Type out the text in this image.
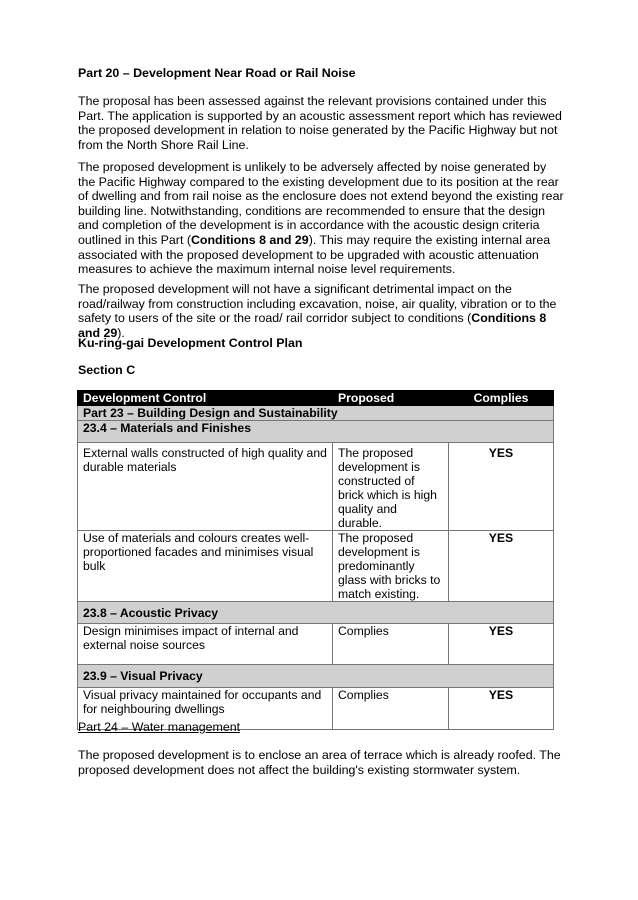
Part 20 – Development Near Road or Rail Noise

The proposal has been assessed against the relevant provisions contained under this Part. The application is supported by an acoustic assessment report which has reviewed the proposed development in relation to noise generated by the Pacific Highway but not from the North Shore Rail Line.

The proposed development is unlikely to be adversely affected by noise generated by the Pacific Highway compared to the existing development due to its position at the rear of dwelling and from rail noise as the enclosure does not extend beyond the existing rear building line. Notwithstanding, conditions are recommended to ensure that the design and completion of the development is in accordance with the acoustic design criteria outlined in this Part (Conditions 8 and 29). This may require the existing internal area associated with the proposed development to be upgraded with acoustic attenuation measures to achieve the maximum internal noise level requirements.

The proposed development will not have a significant detrimental impact on the road/railway from construction including excavation, noise, air quality, vibration or to the safety to users of the site or the road/ rail corridor subject to conditions (Conditions 8 and 29).

Ku-ring-gai Development Control Plan

Section C

Development Control	Proposed	Complies
Part 23 – Building Design and Sustainability		
23.4 – Materials and Finishes		
External walls constructed of high quality and durable materials	The proposed development is constructed of brick which is high quality and durable.	YES
Use of materials and colours creates well-proportioned facades and minimises visual bulk	The proposed development is predominantly glass with bricks to match existing.	YES
23.8 – Acoustic Privacy		
Design minimises impact of internal and external noise sources	Complies	YES
23.9 – Visual Privacy		
Visual privacy maintained for occupants and for neighbouring dwellings	Complies	YES

Part 24 – Water management

The proposed development is to enclose an area of terrace which is already roofed. The proposed development does not affect the building's existing stormwater system.
